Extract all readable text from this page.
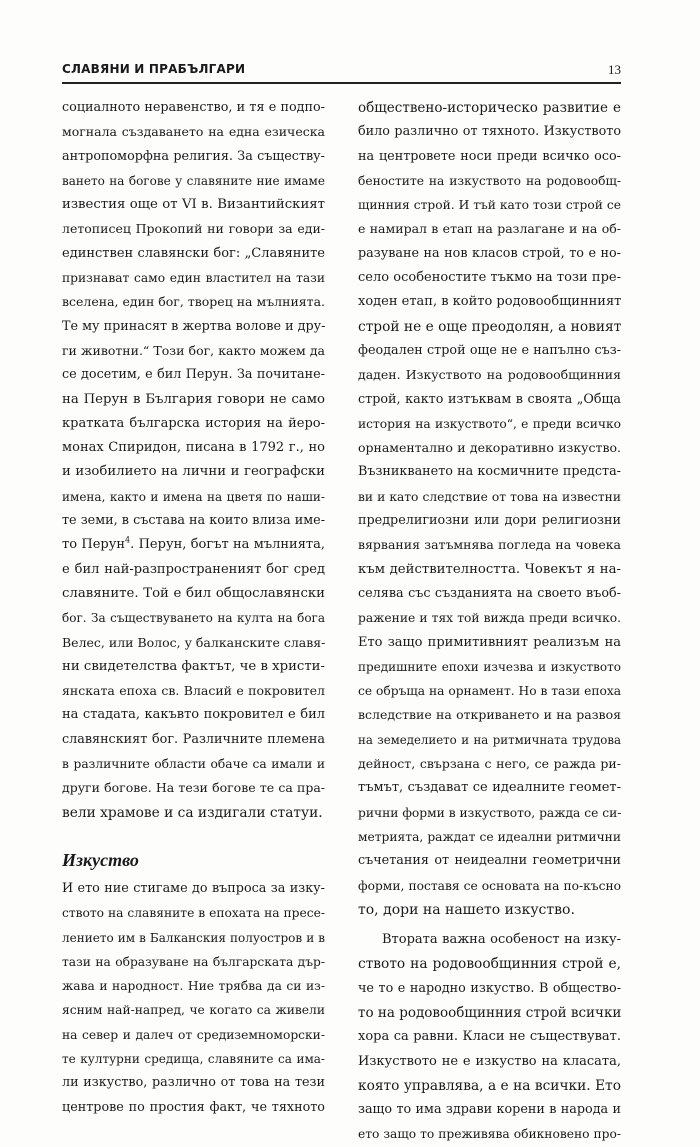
СЛАВЯНИ И ПРАБЪЛГАРИ	13
социалното неравенство, и тя е подпо-
могнала създаването на една езическа
антропоморфна религия. За съществу-
ването на богове у славяните ние имаме
известия още от VI в. Византийският
летописец Прокопий ни говори за еди-
единствен славянски бог: „Славяните
признават само един властител на тази
вселена, един бог, творец на мълнията.
Те му принасят в жертва волове и дру-
ги животни.“ Този бог, както можем да
се досетим, е бил Перун. За почитане-
на Перун в България говори не само
кратката българска история на йеро-
монах Спиридон, писана в 1792 г., но
и изобилието на лични и географски
имена, както и имена на цветя по наши-
те земи, в състава на които влиза име-
то Перун$^4$. Перун, богът на мълнията,
е бил най-разпространеният бог сред
славяните. Той е бил общославянски
бог. За съществуването на култа на бога
Велес, или Волос, у балканските славя-
ни свидетелства фактът, че в христи-
янската епоха св. Власий е покровител
на стадата, какъвто покровител е бил
славянският бог. Различните племена
в различните области обаче са имали и
други богове. На тези богове те са пра-
вели храмове и са издигали статуи.
Изкуство
И ето ние стигаме до въпроса за изку-
ството на славяните в епохата на пресе-
лението им в Балканския полуостров и в
тази на образуване на българската дър-
жава и народност. Ние трябва да си из-
ясним най-напред, че когато са живели
на север и далеч от средиземноморски-
те културни средища, славяните са има-
ли изкуство, различно от това на тези
центрове по простия факт, че тяхното
обществено-историческо развитие е
било различно от тяхното. Изкуството
на центровете носи преди всичко осо-
беностите на изкуството на родовообщ-
щинния строй. И тъй като този строй се
е намирал в етап на разлагане и на об-
разуване на нов класов строй, то е но-
село особеностите тъкмо на този пре-
ходен етап, в който родовообщинният
строй не е още преодолян, а новият
феодален строй още не е напълно съз-
даден. Изкуството на родовообщинния
строй, както изтъквам в своята „Обща
история на изкуството“, е преди всичко
орнаментално и декоративно изкуство.
Възникването на космичните предста-
ви и като следствие от това на известни
предрелигиозни или дори религиозни
вярвания затъмнява погледа на човека
към действителността. Човекът я на-
селява със създанията на своето въоб-
ражение и тях той вижда преди всичко.
Ето защо примитивният реализъм на
предишните епохи изчезва и изкуството
се обръща на орнамент. Но в тази епоха
вследствие на откриването и на развоя
на земеделието и на ритмичната трудова
дейност, свързана с него, се ражда ри-
тъмът, създават се идеалните геомет-
рични форми в изкуството, ражда се си-
метрията, раждат се идеални ритмични
съчетания от неидеални геометрични
форми, поставя се основата на по-късно
то, дори на нашето изкуство.
Втората важна особеност на изку-
ството на родовообщинния строй е,
че то е народно изкуство. В общество-
то на родовообщинния строй всички
хора са равни. Класи не съществуват.
Изкуството не е изкуство на класата,
която управлява, а е на всички. Ето
защо то има здрави корени в народа и
ето защо то преживява обикновено про-
